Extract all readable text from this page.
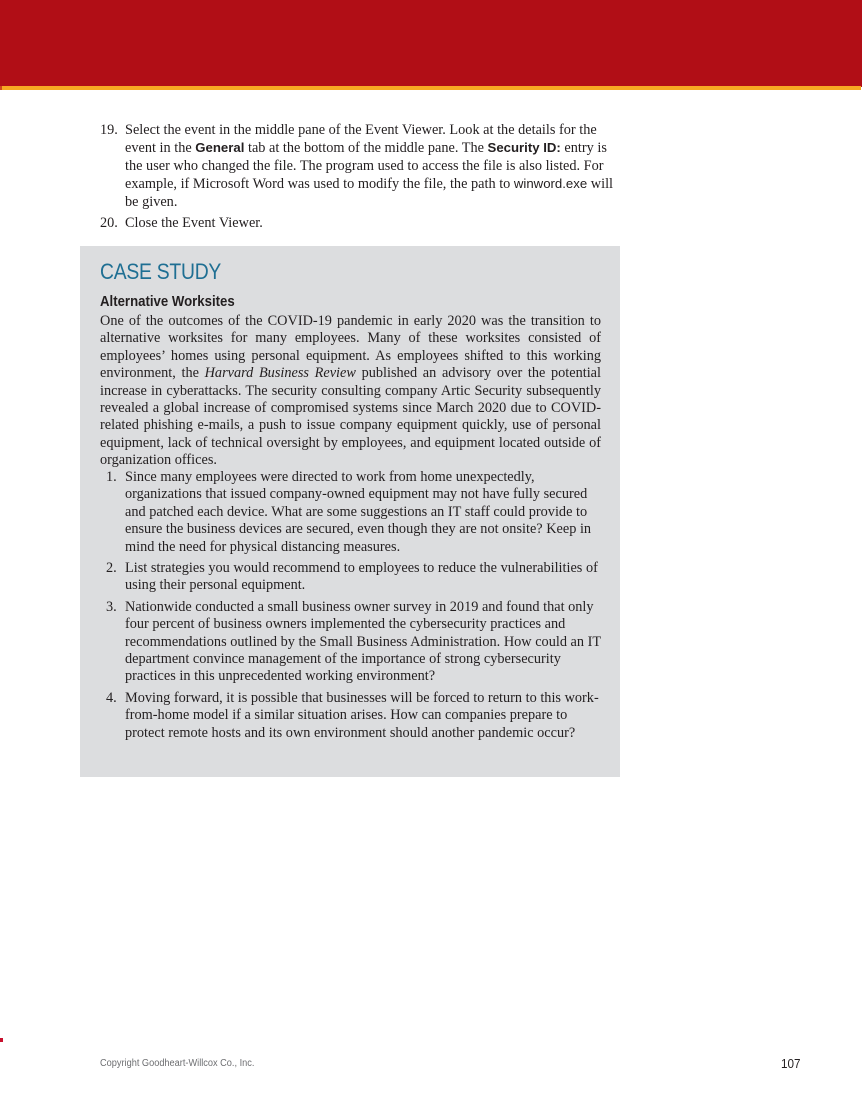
19. Select the event in the middle pane of the Event Viewer. Look at the details for the event in the General tab at the bottom of the middle pane. The Security ID: entry is the user who changed the file. The program used to access the file is also listed. For example, if Microsoft Word was used to modify the file, the path to winword.exe will be given.
20. Close the Event Viewer.
CASE STUDY
Alternative Worksites
One of the outcomes of the COVID-19 pandemic in early 2020 was the transition to alternative worksites for many employees. Many of these worksites consisted of employees’ homes using personal equipment. As employees shifted to this working environment, the Harvard Business Review published an advisory over the potential increase in cyberattacks. The security consulting company Artic Security subsequently revealed a global increase of compromised systems since March 2020 due to COVID-related phishing e-mails, a push to issue company equipment quickly, use of personal equipment, lack of technical oversight by employees, and equipment located outside of organization offices.
1. Since many employees were directed to work from home unexpectedly, organizations that issued company-owned equipment may not have fully secured and patched each device. What are some suggestions an IT staff could provide to ensure the business devices are secured, even though they are not onsite? Keep in mind the need for physical distancing measures.
2. List strategies you would recommend to employees to reduce the vulnerabilities of using their personal equipment.
3. Nationwide conducted a small business owner survey in 2019 and found that only four percent of business owners implemented the cybersecurity practices and recommendations outlined by the Small Business Administration. How could an IT department convince management of the importance of strong cybersecurity practices in this unprecedented working environment?
4. Moving forward, it is possible that businesses will be forced to return to this work-from-home model if a similar situation arises. How can companies prepare to protect remote hosts and its own environment should another pandemic occur?
Copyright Goodheart-Willcox Co., Inc.	107
